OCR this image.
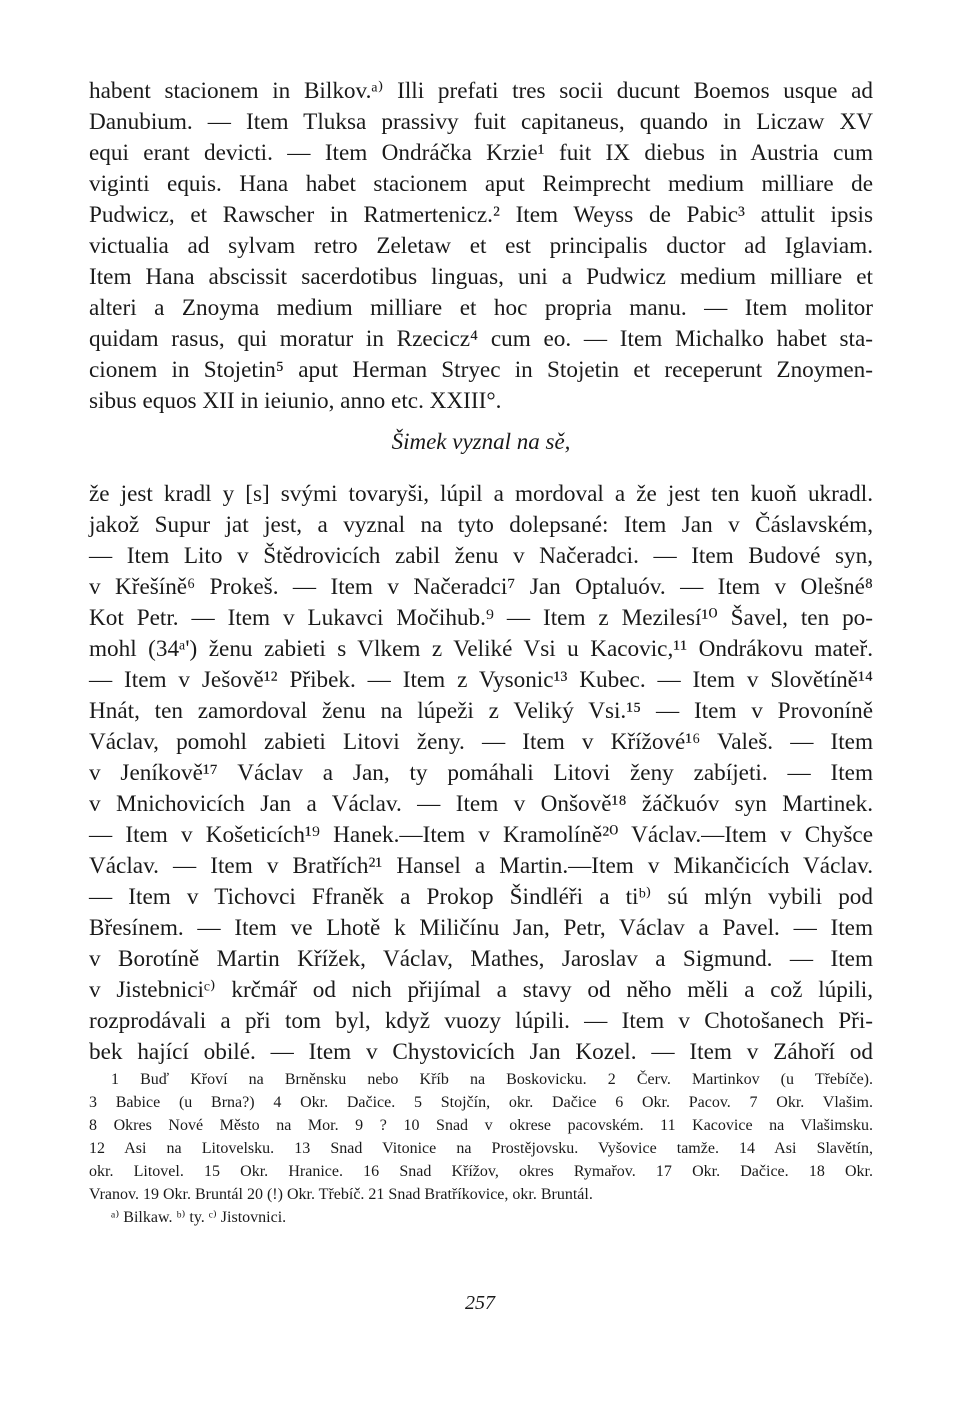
habent stacionem in Bilkov.ᵃ⁾ Illi prefati tres socii ducunt Boemos usque ad
Danubium. — Item Tluksa prassivy fuit capitaneus, quando in Liczaw XV
equi erant devicti. — Item Ondráčka Krzie¹ fuit IX diebus in Austria cum
viginti equis. Hana habet stacionem aput Reimprecht medium milliare de
Pudwicz, et Rawscher in Ratmertenicz.² Item Weyss de Pabic³ attulit ipsis
victualia ad sylvam retro Zeletaw et est principalis ductor ad Iglaviam.
Item Hana abscissit sacerdotibus linguas, uni a Pudwicz medium milliare et
alteri a Znoyma medium milliare et hoc propria manu. — Item molitor
quidam rasus, qui moratur in Rzecicz⁴ cum eo. — Item Michalko habet sta-
cionem in Stojetin⁵ aput Herman Stryec in Stojetin et receperunt Znoymen-
sibus equos XII in ieiunio, anno etc. XXIII°.
Šimek vyznal na sě,
že jest kradl y [s] svými tovaryši, lúpil a mordoval a že jest ten kuoň ukradl.
jakož Supur jat jest, a vyznal na tyto dolepsané: Item Jan v Čáslavském,
— Item Lito v Štědrovicích zabil ženu v Načeradci. — Item Budové syn,
v Křešíně⁶ Prokeš. — Item v Načeradci⁷ Jan Optaluóv. — Item v Olešné⁸
Kot Petr. — Item v Lukavci Močihub.⁹ — Item z Mezilesí¹⁰ Šavel, ten po-
mohl (34ᵃ') ženu zabieti s Vlkem z Veliké Vsi u Kacovic,¹¹ Ondrákovu mateř.
— Item v Ješově¹² Přibek. — Item z Vysonic¹³ Kubec. — Item v Slovětíně¹⁴
Hnát, ten zamordoval ženu na lúpeži z Veliký Vsi.¹⁵ — Item v Provoníně
Václav, pomohl zabieti Litovi ženy. — Item v Křížové¹⁶ Valeš. — Item
v Jeníkově¹⁷ Václav a Jan, ty pomáhali Litovi ženy zabíjeti. — Item
v Mnichovicích Jan a Václav. — Item v Onšově¹⁸ žáčkuóv syn Martinek.
— Item v Košeticích¹⁹ Hanek.—Item v Kramolíně²⁰ Václav.—Item v Chyšce
Václav. — Item v Bratřích²¹ Hansel a Martin.—Item v Mikančicích Václav.
— Item v Tichovci Ffraněk a Prokop Šindléři a tiᵇ⁾ sú mlýn vybili pod
Břesínem. — Item ve Lhotě k Miličínu Jan, Petr, Václav a Pavel. — Item
v Borotíně Martin Křížek, Václav, Mathes, Jaroslav a Sigmund. — Item
v Jistebniciᶜ⁾ krčmář od nich přijímal a stavy od něho měli a což lúpili,
rozprodávali a při tom byl, když vuozy lúpili. — Item v Chotošanech Při-
bek hající obilé. — Item v Chystovicích Jan Kozel. — Item v Záhoří od
1 Buď Křoví na Brněnsku nebo Kříb na Boskovicku. 2 Červ. Martinkov (u Třebíče).
3 Babice (u Brna?) 4 Okr. Dačice. 5 Stojčín, okr. Dačice 6 Okr. Pacov. 7 Okr. Vlašim.
8 Okres Nové Město na Mor. 9 ? 10 Snad v okrese pacovském. 11 Kacovice na Vlašimsku.
12 Asi na Litovelsku. 13 Snad Vitonice na Prostějovsku. Vyšovice tamže. 14 Asi Slavětín,
okr. Litovel. 15 Okr. Hranice. 16 Snad Křížov, okres Rymařov. 17 Okr. Dačice. 18 Okr.
Vranov. 19 Okr. Bruntál 20 (!) Okr. Třebíč. 21 Snad Bratříkovice, okr. Bruntál.
ᵃ⁾ Bilkaw. ᵇ⁾ ty. ᶜ⁾ Jistovnici.
257
